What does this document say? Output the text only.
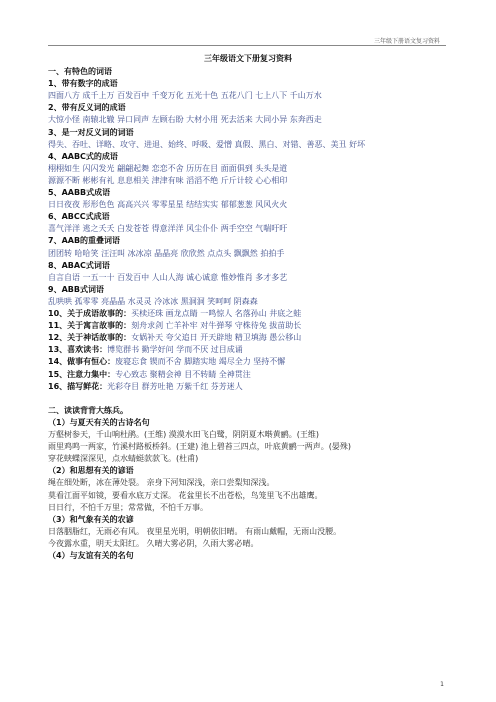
三年级下册语文复习资料
三年级语文下册复习资料
一、有特色的词语
1、带有数字的成语
四面八方 成千上万 百发百中 千变万化 五光十色 五花八门 七上八下 千山万水
2、带有反义词的成语
大惊小怪 南辕北辙 异口同声 左顾右盼 大材小用 死去活来 大同小异 东奔西走
3、是一对反义词的词语
得失、吞吐、详略、攻守、进退、始终、呼吸、爱憎 真假、黑白、对错、善恶、美丑 好坏
4、AABC式的成语
栩栩如生 闪闪发光 翩翩起舞 恋恋不舍 历历在目 面面俱到 头头是道
源源不断 彬彬有礼 息息相关 津津有味 滔滔不绝 斤斤计较 心心相印
5、AABB式成语
日日夜夜 形形色色 高高兴兴 零零星星 结结实实 郁郁葱葱 风风火火
6、ABCC式成语
喜气洋洋 逃之夭夭 白发苍苍 得意洋洋 风尘仆仆 两手空空 气喘吁吁
7、AAB的重叠词语
团团转 哈哈笑 汪汪叫 冰冰凉 晶晶亮 欣欣然 点点头 飘飘然 拍拍手
8、ABAC式词语
自言自语 一五一十 百发百中 人山人海 诚心诚意 惟妙惟肖 多才多艺
9、ABB式词语
乱哄哄 孤零零 亮晶晶 水灵灵 冷冰冰 黑洞洞 笑呵呵 阴森森
10、关于成语故事的：买椟还珠 画龙点睛 一鸣惊人 名落孙山 井底之蛙
11、关于寓言故事的：刻舟求剑 亡羊补牢 对牛弹琴 守株待兔 拔苗助长
12、关于神话故事的：女娲补天 夸父追日 开天辟地 精卫填海 愚公移山
13、喜欢读书：博览群书 勤学好问 学而不厌 过目成诵
14、做事有恒心：废寝忘食 锲而不舍 脚踏实地 竭尽全力 坚持不懈
15、注意力集中：专心致志 聚精会神 目不转睛 全神贯注
16、描写鲜花：光彩夺目 群芳吐艳 万紫千红 芬芳迷人
二、读读背背大练兵。
（1）与夏天有关的古诗名句
万壑树参天，千山响杜鹃。(王维) 漠漠水田飞白鹭，阴阴夏木啭黄鹂。(王维)
雨里鸡鸣一两家，竹溪村路板桥斜。(王建) 池上碧苔三四点，叶底黄鹂一两声。(晏殊)
穿花蛱蝶深深见，点水蜻蜓款款飞。(杜甫)
（2）和思想有关的谚语
绳在细处断，冰在薄处裂。 亲身下河知深浅，亲口尝梨知深浅。
莫看江面平如镜，要看水底万丈深。 花盆里长不出苍松，鸟笼里飞不出雄鹰。
日日行，不怕千万里；常常做，不怕千万事。
（3）和气象有关的农谚
日落胭脂红，无雨必有风。 夜里星光明，明朝依旧晴。 有雨山戴帽，无雨山没腰。
今夜露水重，明天太阳红。 久晴大雾必阴，久雨大雾必晴。
（4）与友谊有关的名句
1
